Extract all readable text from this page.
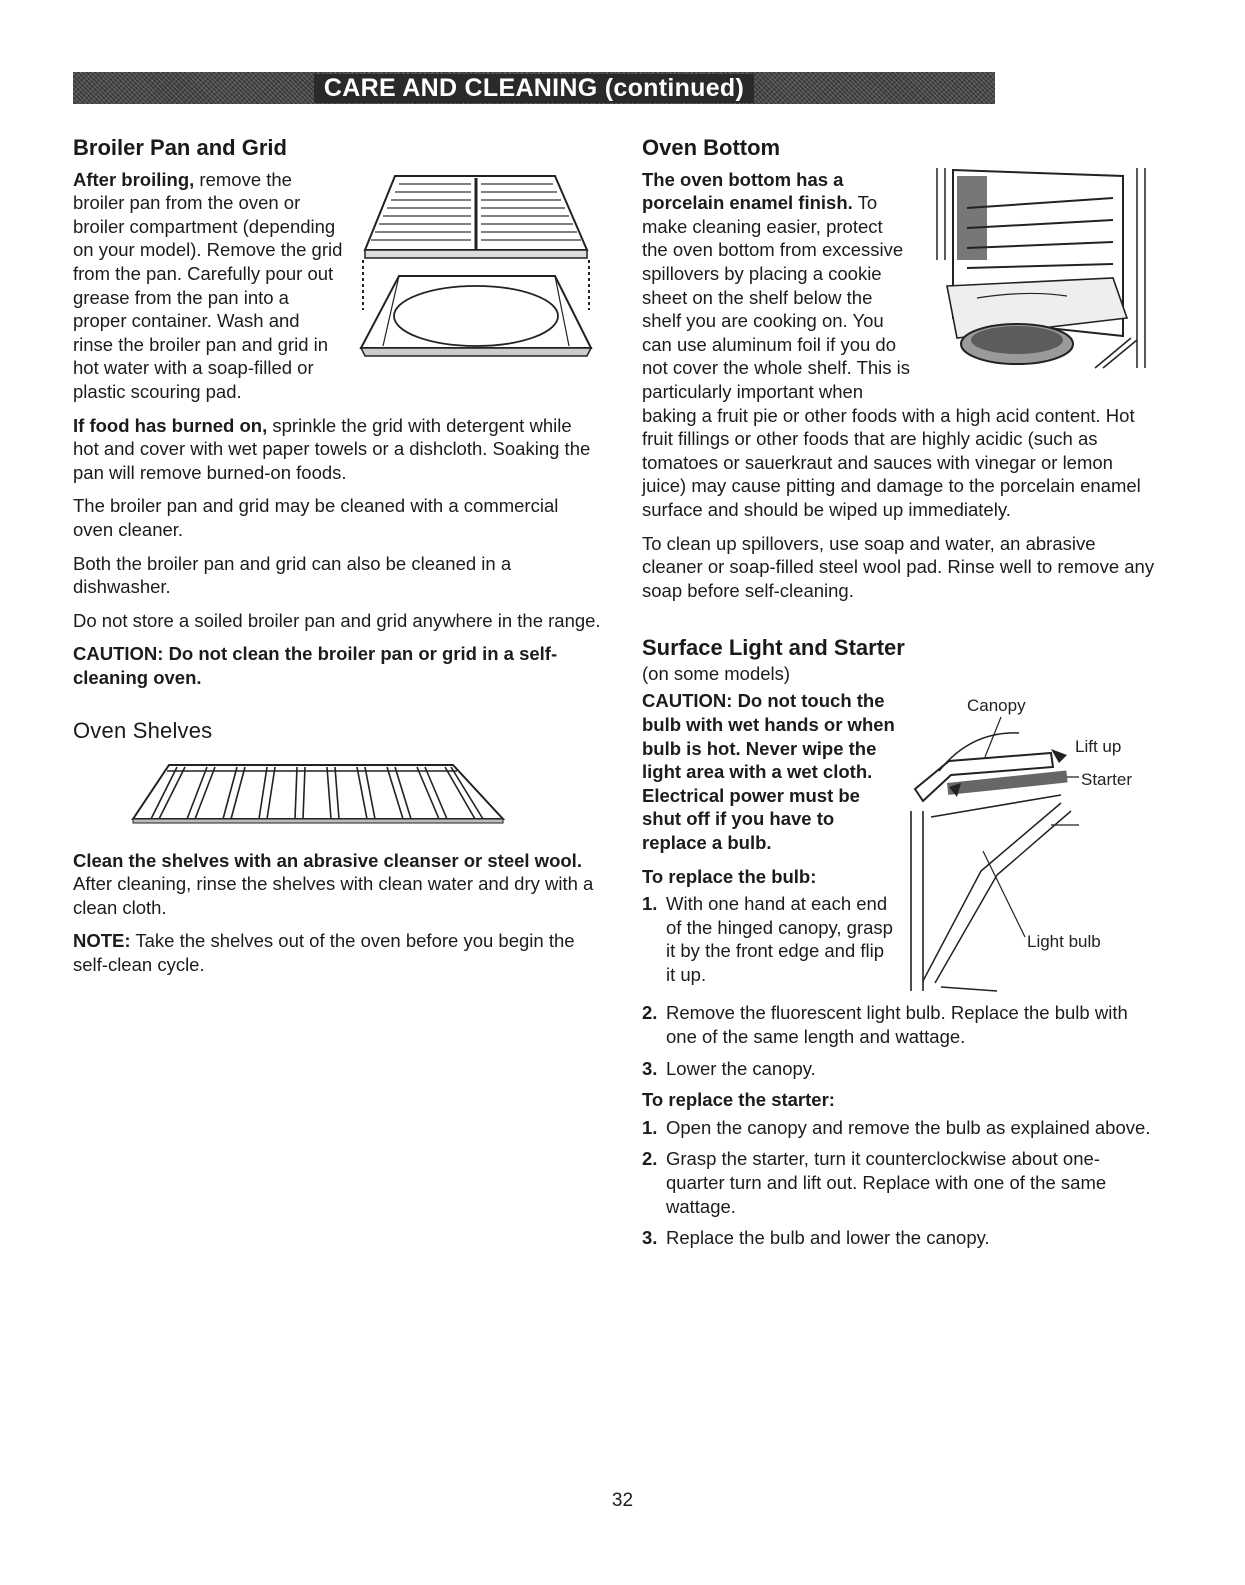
CARE AND CLEANING (continued)
Broiler Pan and Grid

After broiling, remove the broiler pan from the oven or broiler compartment (depending on your model). Remove the grid from the pan. Carefully pour out grease from the pan into a proper container. Wash and rinse the broiler pan and grid in hot water with a soap-filled or plastic scouring pad.

If food has burned on, sprinkle the grid with detergent while hot and cover with wet paper towels or a dishcloth. Soaking the pan will remove burned-on foods.

The broiler pan and grid may be cleaned with a commercial oven cleaner.

Both the broiler pan and grid can also be cleaned in a dishwasher.

Do not store a soiled broiler pan and grid anywhere in the range.

CAUTION: Do not clean the broiler pan or grid in a self-cleaning oven.

Oven Shelves

Clean the shelves with an abrasive cleanser or steel wool. After cleaning, rinse the shelves with clean water and dry with a clean cloth.

NOTE: Take the shelves out of the oven before you begin the self-clean cycle.

Oven Bottom

The oven bottom has a porcelain enamel finish. To make cleaning easier, protect the oven bottom from excessive spillovers by placing a cookie sheet on the shelf below the shelf you are cooking on. You can use aluminum foil if you do not cover the whole shelf. This is particularly important when baking a fruit pie or other foods with a high acid content. Hot fruit fillings or other foods that are highly acidic (such as tomatoes or sauerkraut and sauces with vinegar or lemon juice) may cause pitting and damage to the porcelain enamel surface and should be wiped up immediately.

To clean up spillovers, use soap and water, an abrasive cleaner or soap-filled steel wool pad. Rinse well to remove any soap before self-cleaning.

Surface Light and Starter

(on some models)

Canopy
Lift up
Starter
Light bulb

CAUTION: Do not touch the bulb with wet hands or when bulb is hot. Never wipe the light area with a wet cloth. Electrical power must be shut off if you have to replace a bulb.

To replace the bulb:

1. With one hand at each end of the hinged canopy, grasp it by the front edge and flip it up.
2. Remove the fluorescent light bulb. Replace the bulb with one of the same length and wattage.
3. Lower the canopy.

To replace the starter:

1. Open the canopy and remove the bulb as explained above.
2. Grasp the starter, turn it counterclockwise about one-quarter turn and lift out. Replace with one of the same wattage.
3. Replace the bulb and lower the canopy.
32
